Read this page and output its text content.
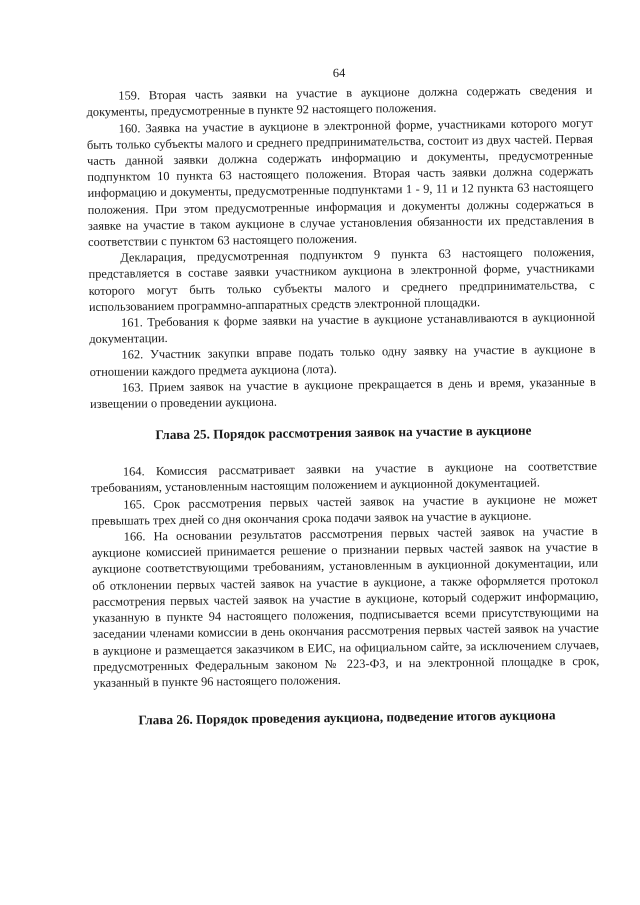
64

159. Вторая часть заявки на участие в аукционе должна содержать сведения и документы, предусмотренные в пункте 92 настоящего положения.

160. Заявка на участие в аукционе в электронной форме, участниками которого могут быть только субъекты малого и среднего предпринимательства, состоит из двух частей. Первая часть данной заявки должна содержать информацию и документы, предусмотренные подпунктом 10 пункта 63 настоящего положения. Вторая часть заявки должна содержать информацию и документы, предусмотренные подпунктами 1 - 9, 11 и 12 пункта 63 настоящего положения. При этом предусмотренные информация и документы должны содержаться в заявке на участие в таком аукционе в случае установления обязанности их представления в соответствии с пунктом 63 настоящего положения.

Декларация, предусмотренная подпунктом 9 пункта 63 настоящего положения, представляется в составе заявки участником аукциона в электронной форме, участниками которого могут быть только субъекты малого и среднего предпринимательства, с использованием программно-аппаратных средств электронной площадки.

161. Требования к форме заявки на участие в аукционе устанавливаются в аукционной документации.

162. Участник закупки вправе подать только одну заявку на участие в аукционе в отношении каждого предмета аукциона (лота).

163. Прием заявок на участие в аукционе прекращается в день и время, указанные в извещении о проведении аукциона.

Глава 25. Порядок рассмотрения заявок на участие в аукционе

164. Комиссия рассматривает заявки на участие в аукционе на соответствие требованиям, установленным настоящим положением и аукционной документацией.

165. Срок рассмотрения первых частей заявок на участие в аукционе не может превышать трех дней со дня окончания срока подачи заявок на участие в аукционе.

166. На основании результатов рассмотрения первых частей заявок на участие в аукционе комиссией принимается решение о признании первых частей заявок на участие в аукционе соответствующими требованиям, установленным в аукционной документации, или об отклонении первых частей заявок на участие в аукционе, а также оформляется протокол рассмотрения первых частей заявок на участие в аукционе, который содержит информацию, указанную в пункте 94 настоящего положения, подписывается всеми присутствующими на заседании членами комиссии в день окончания рассмотрения первых частей заявок на участие в аукционе и размещается заказчиком в ЕИС, на официальном сайте, за исключением случаев, предусмотренных Федеральным законом № 223-ФЗ, и на электронной площадке в срок, указанный в пункте 96 настоящего положения.

Глава 26. Порядок проведения аукциона, подведение итогов аукциона
